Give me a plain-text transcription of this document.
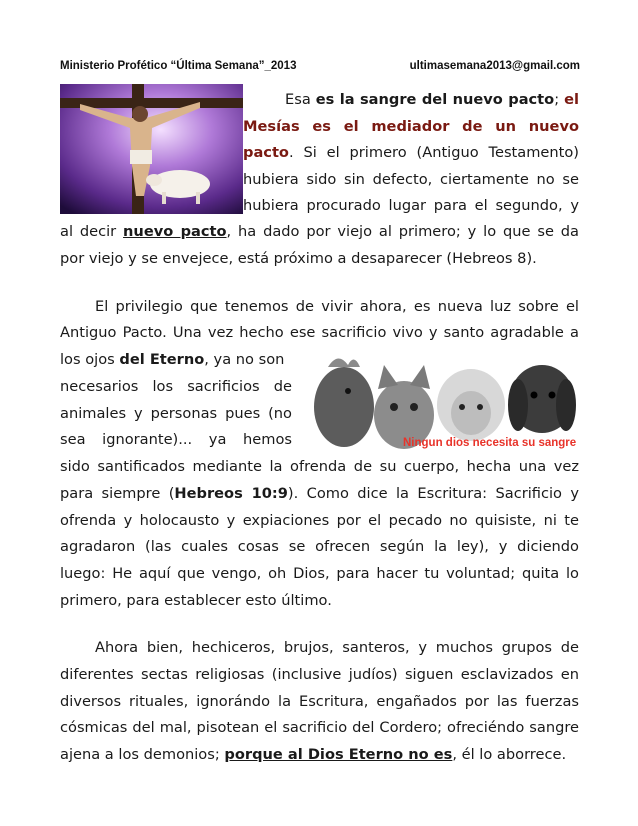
Ministerio Profético “Última Semana”_2013	ultimasemana2013@gmail.com
Esa es la sangre del nuevo pacto; el
Mesías es el mediador de un nuevo
pacto. Si el primero (Antiguo Testamento)
hubiera sido sin defecto, ciertamente no se
hubiera procurado lugar para el segundo, y
al decir nuevo pacto, ha dado por viejo al primero; y lo que se da
por viejo y se envejece, está próximo a desaparecer (Hebreos 8).
El privilegio que tenemos de vivir ahora, es nueva luz sobre el
Antiguo Pacto. Una vez hecho ese sacrificio vivo y santo agradable a
los ojos del Eterno, ya no son
necesarios los sacrificios de
animales y personas pues (no
sea ignorante)... ya hemos	Ningun dios necesita su sangre
sido santificados mediante la ofrenda de su cuerpo, hecha una vez
para siempre (Hebreos 10:9). Como dice la Escritura: Sacrificio y
ofrenda y holocausto y expiaciones por el pecado no quisiste, ni te
agradaron (las cuales cosas se ofrecen según la ley), y diciendo
luego: He aquí que vengo, oh Dios, para hacer tu voluntad; quita lo
primero, para establecer esto último.
Ahora bien, hechiceros, brujos, santeros, y muchos grupos de
diferentes sectas religiosas (inclusive judíos) siguen esclavizados en
diversos rituales, ignorándo la Escritura, engañados por las fuerzas
cósmicas del mal, pisotean el sacrificio del Cordero; ofreciéndo sangre
ajena a los demonios; porque al Dios Eterno no es, él lo aborrece.
